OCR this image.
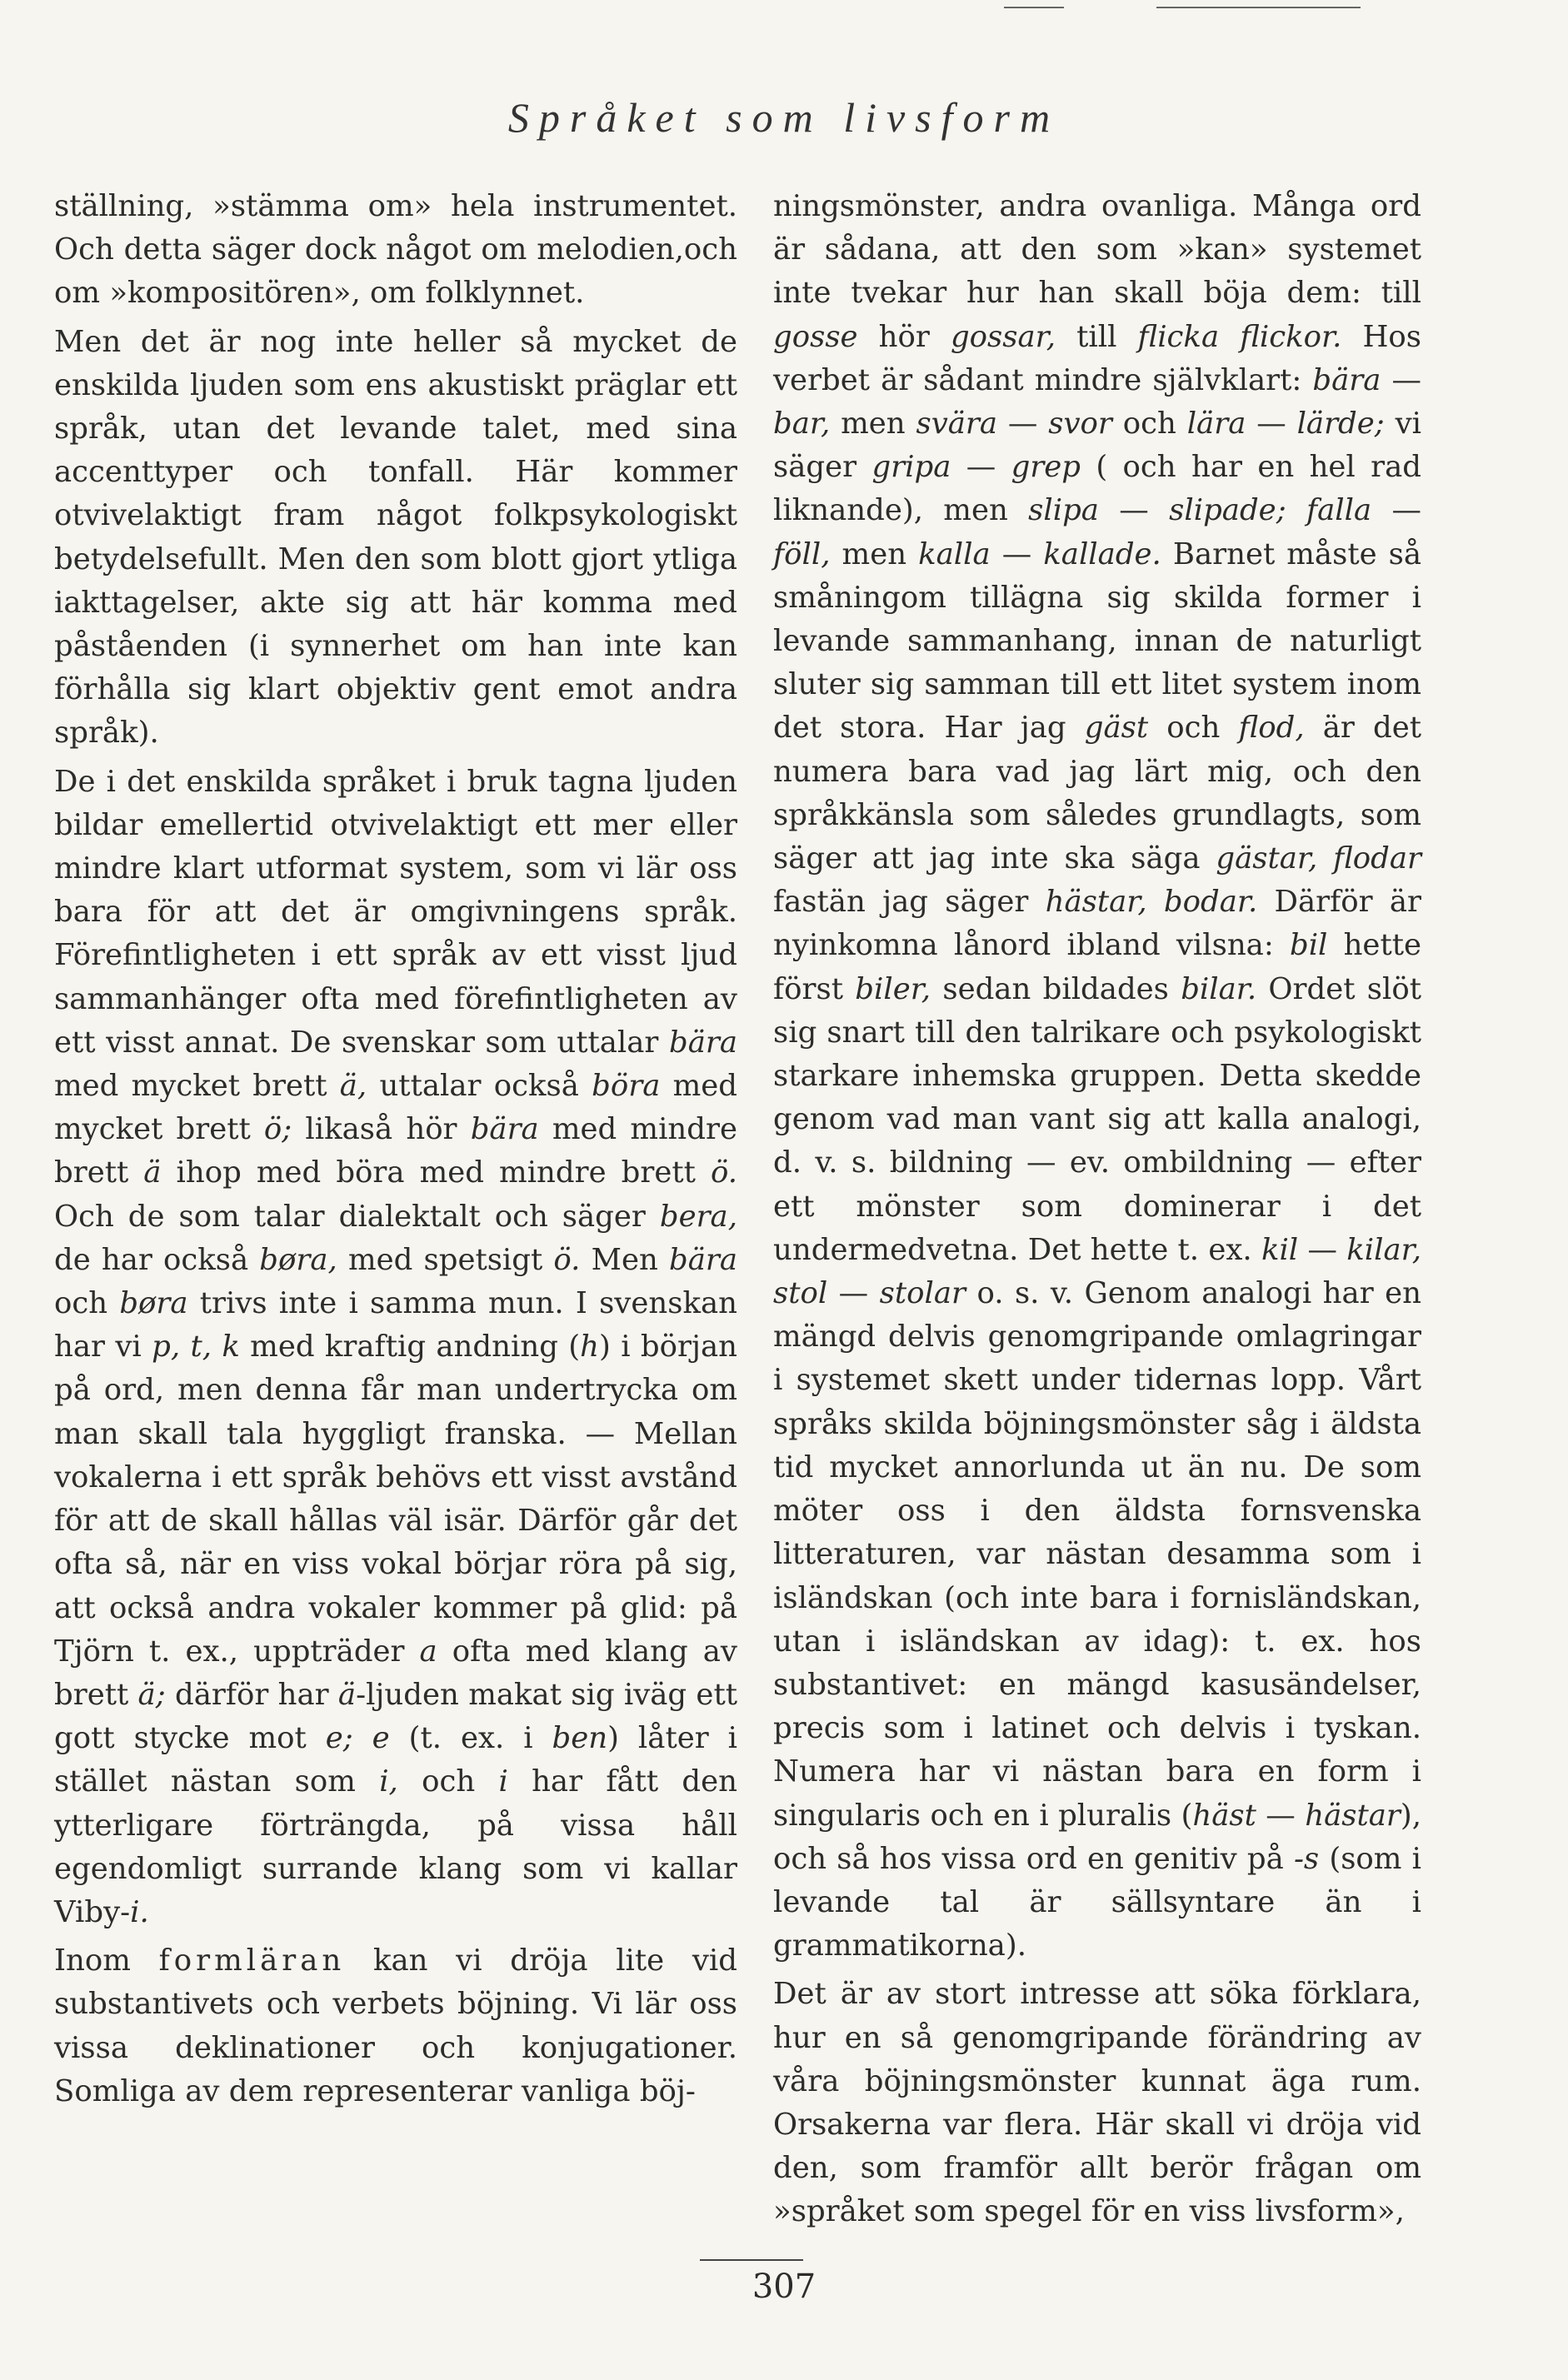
Språket som livsform

ställning, »stämma om» hela instrumentet. Och detta säger dock något om melodien,och om »kompositören», om folklynnet.

Men det är nog inte heller så mycket de enskilda ljuden som ens akustiskt präglar ett språk, utan det levande talet, med sina accenttyper och tonfall. Här kommer otvivelaktigt fram något folkpsykologiskt betydelsefullt. Men den som blott gjort ytliga iakttagelser, akte sig att här komma med påståenden (i synnerhet om han inte kan förhålla sig klart objektiv gent emot andra språk).

De i det enskilda språket i bruk tagna ljuden bildar emellertid otvivelaktigt ett mer eller mindre klart utformat system, som vi lär oss bara för att det är omgivningens språk. Förefintligheten i ett språk av ett visst ljud sammanhänger ofta med förefintligheten av ett visst annat. De svenskar som uttalar bära med mycket brett ä, uttalar också böra med mycket brett ö; likaså hör bära med mindre brett ä ihop med böra med mindre brett ö. Och de som talar dialektalt och säger bera, de har också børa, med spetsigt ö. Men bära och børa trivs inte i samma mun. I svenskan har vi p, t, k med kraftig andning (h) i början på ord, men denna får man undertrycka om man skall tala hyggligt franska. — Mellan vokalerna i ett språk behövs ett visst avstånd för att de skall hållas väl isär. Därför går det ofta så, när en viss vokal börjar röra på sig, att också andra vokaler kommer på glid: på Tjörn t. ex., uppträder a ofta med klang av brett ä; därför har ä-ljuden makat sig iväg ett gott stycke mot e; e (t. ex. i ben) låter i stället nästan som i, och i har fått den ytterligare förträngda, på vissa håll egendomligt surrande klang som vi kallar Viby-i.

Inom formläran kan vi dröja lite vid substantivets och verbets böjning. Vi lär oss vissa deklinationer och konjugationer. Somliga av dem representerar vanliga böj-

ningsmönster, andra ovanliga. Många ord är sådana, att den som »kan» systemet inte tvekar hur han skall böja dem: till gosse hör gossar, till flicka flickor. Hos verbet är sådant mindre självklart: bära — bar, men svära — svor och lära — lärde; vi säger gripa — grep ( och har en hel rad liknande), men slipa — slipade; falla — föll, men kalla — kallade. Barnet måste så småningom tillägna sig skilda former i levande sammanhang, innan de naturligt sluter sig samman till ett litet system inom det stora. Har jag gäst och flod, är det numera bara vad jag lärt mig, och den språkkänsla som således grundlagts, som säger att jag inte ska säga gästar, flodar fastän jag säger hästar, bodar. Därför är nyinkomna lånord ibland vilsna: bil hette först biler, sedan bildades bilar. Ordet slöt sig snart till den talrikare och psykologiskt starkare inhemska gruppen. Detta skedde genom vad man vant sig att kalla analogi, d. v. s. bildning — ev. ombildning — efter ett mönster som dominerar i det undermedvetna. Det hette t. ex. kil — kilar, stol — stolar o. s. v. Genom analogi har en mängd delvis genomgripande omlagringar i systemet skett under tidernas lopp. Vårt språks skilda böjningsmönster såg i äldsta tid mycket annorlunda ut än nu. De som möter oss i den äldsta fornsvenska litteraturen, var nästan desamma som i isländskan (och inte bara i fornisländskan, utan i isländskan av idag): t. ex. hos substantivet: en mängd kasusändelser, precis som i latinet och delvis i tyskan. Numera har vi nästan bara en form i singularis och en i pluralis (häst — hästar), och så hos vissa ord en genitiv på -s (som i levande tal är sällsyntare än i grammatikorna).

Det är av stort intresse att söka förklara, hur en så genomgripande förändring av våra böjningsmönster kunnat äga rum. Orsakerna var flera. Här skall vi dröja vid den, som framför allt berör frågan om »språket som spegel för en viss livsform»,

307
